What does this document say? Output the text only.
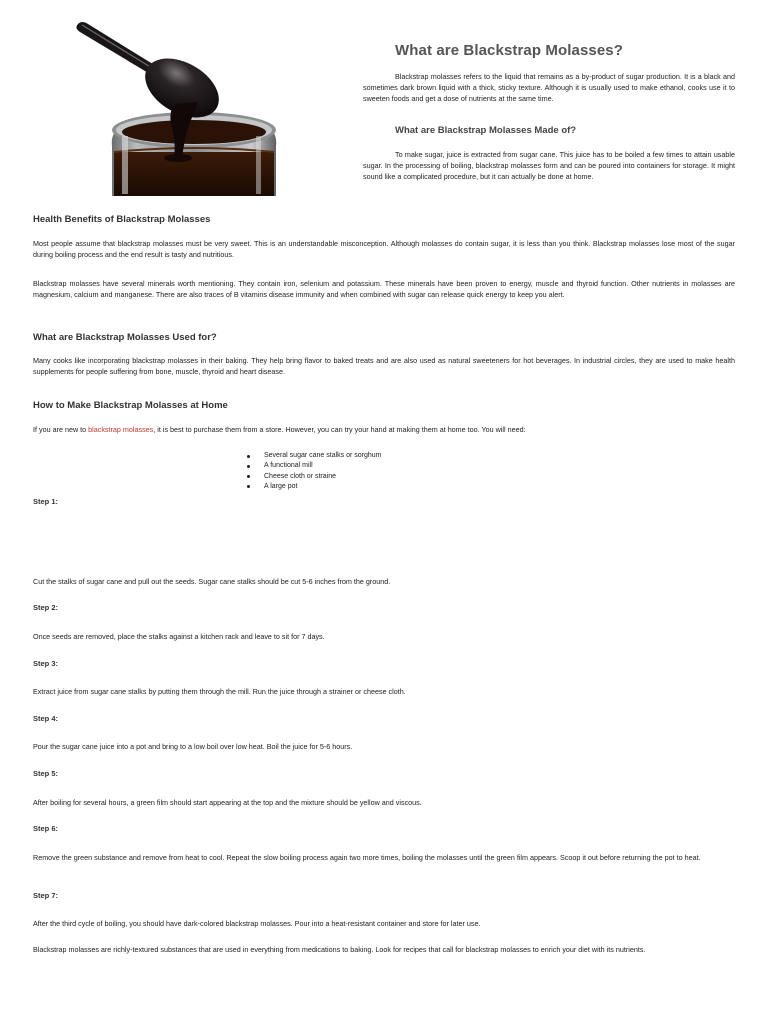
What are Blackstrap Molasses?

Blackstrap molasses refers to the liquid that remains as a by-product of sugar production. It is a black and sometimes dark brown liquid with a thick, sticky texture. Although it is usually used to make ethanol, cooks use it to sweeten foods and get a dose of nutrients at the same time.

What are Blackstrap Molasses Made of?

To make sugar, juice is extracted from sugar cane. This juice has to be boiled a few times to attain usable sugar. In the processing of boiling, blackstrap molasses form and can be poured into containers for storage. It might sound like a complicated procedure, but it can actually be done at home.

Health Benefits of Blackstrap Molasses

Most people assume that blackstrap molasses must be very sweet. This is an understandable misconception. Although molasses do contain sugar, it is less than you think. Blackstrap molasses lose most of the sugar during boiling process and the end result is tasty and nutritious.

Blackstrap molasses have several minerals worth mentioning. They contain iron, selenium and potassium. These minerals have been proven to energy, muscle and thyroid function. Other nutrients in molasses are magnesium, calcium and manganese. There are also traces of B vitamins disease immunity and when combined with sugar can release quick energy to keep you alert.

What are Blackstrap Molasses Used for?

Many cooks like incorporating blackstrap molasses in their baking. They help bring flavor to baked treats and are also used as natural sweeteners for hot beverages. In industrial circles, they are used to make health supplements for people suffering from bone, muscle, thyroid and heart disease.

How to Make Blackstrap Molasses at Home

If you are new to blackstrap molasses, it is best to purchase them from a store. However, you can try your hand at making them at home too. You will need:

Several sugar cane stalks or sorghum
A functional mill
Cheese cloth or straine
A large pot
Step 1:

Cut the stalks of sugar cane and pull out the seeds. Sugar cane stalks should be cut 5-6 inches from the ground.

Step 2:

Once seeds are removed, place the stalks against a kitchen rack and leave to sit for 7 days.

Step 3:

Extract juice from sugar cane stalks by putting them through the mill. Run the juice through a strainer or cheese cloth.

Step 4:

Pour the sugar cane juice into a pot and bring to a low boil over low heat. Boil the juice for 5-6 hours.

Step 5:

After boiling for several hours, a green film should start appearing at the top and the mixture should be yellow and viscous.

Step 6:

Remove the green substance and remove from heat to cool. Repeat the slow boiling process again two more times, boiling the molasses until the green film appears. Scoop it out before returning the pot to heat.

Step 7:

After the third cycle of boiling, you should have dark-colored blackstrap molasses. Pour into a heat-resistant container and store for later use.

Blackstrap molasses are richly-textured substances that are used in everything from medications to baking. Look for recipes that call for blackstrap molasses to enrich your diet with its nutrients.
